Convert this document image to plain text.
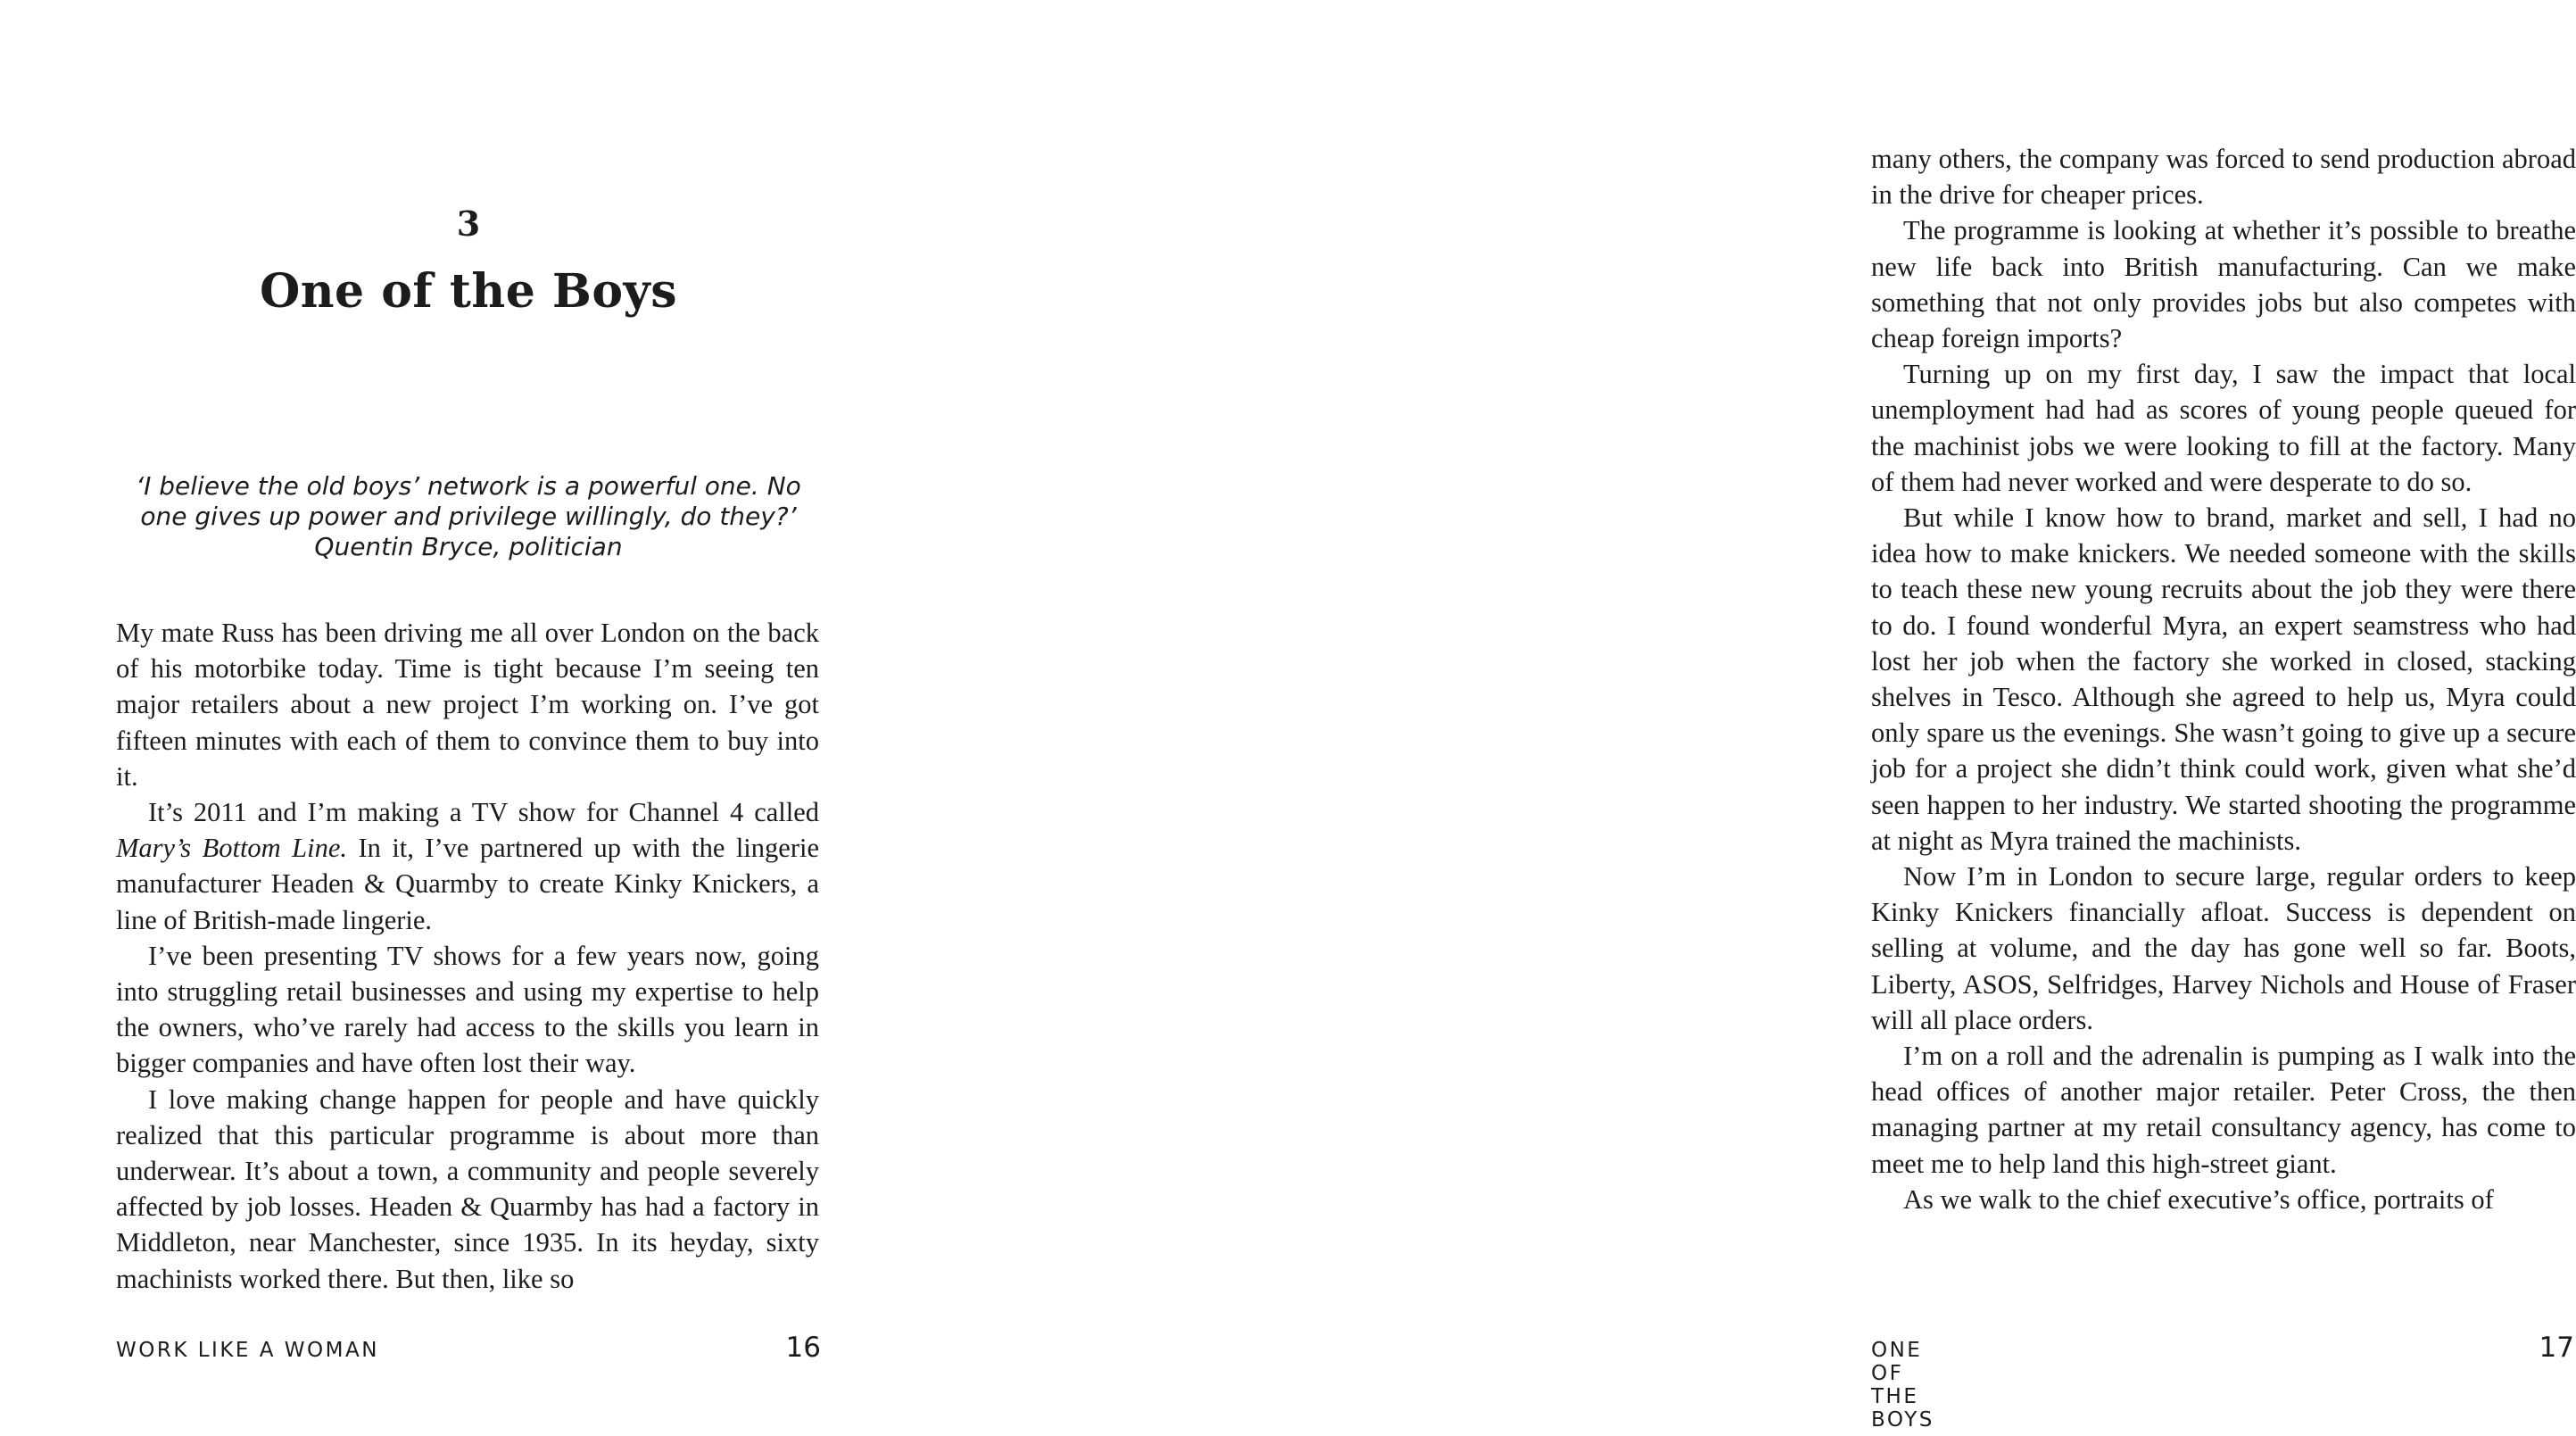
3
One of the Boys
‘I believe the old boys’ network is a powerful one. No
one gives up power and privilege willingly, do they?’
Quentin Bryce, politician

My mate Russ has been driving me all over London on the back of his motorbike today. Time is tight because I’m seeing ten major retailers about a new project I’m working on. I’ve got fifteen minutes with each of them to convince them to buy into it.

It’s 2011 and I’m making a TV show for Channel 4 called Mary’s Bottom Line. In it, I’ve partnered up with the lingerie manufacturer Headen & Quarmby to create Kinky Knickers, a line of British-made lingerie.

I’ve been presenting TV shows for a few years now, going into struggling retail businesses and using my expertise to help the owners, who’ve rarely had access to the skills you learn in bigger companies and have often lost their way.

I love making change happen for people and have quickly realized that this particular programme is about more than underwear. It’s about a town, a community and people severely affected by job losses. Headen & Quarmby has had a factory in Middleton, near Manchester, since 1935. In its heyday, sixty machinists worked there. But then, like so

WORK LIKE A WOMAN	16

many others, the company was forced to send production abroad in the drive for cheaper prices.

The programme is looking at whether it’s possible to breathe new life back into British manufacturing. Can we make something that not only provides jobs but also competes with cheap foreign imports?

Turning up on my first day, I saw the impact that local unemployment had had as scores of young people queued for the machinist jobs we were looking to fill at the factory. Many of them had never worked and were desperate to do so.

But while I know how to brand, market and sell, I had no idea how to make knickers. We needed someone with the skills to teach these new young recruits about the job they were there to do. I found wonderful Myra, an expert seamstress who had lost her job when the factory she worked in closed, stacking shelves in Tesco. Although she agreed to help us, Myra could only spare us the evenings. She wasn’t going to give up a secure job for a project she didn’t think could work, given what she’d seen happen to her industry. We started shooting the programme at night as Myra trained the machinists.

Now I’m in London to secure large, regular orders to keep Kinky Knickers financially afloat. Success is dependent on selling at volume, and the day has gone well so far. Boots, Liberty, ASOS, Selfridges, Harvey Nichols and House of Fraser will all place orders.

I’m on a roll and the adrenalin is pumping as I walk into the head offices of another major retailer. Peter Cross, the then managing partner at my retail consultancy agency, has come to meet me to help land this high-street giant.

As we walk to the chief executive’s office, portraits of

ONE OF THE BOYS
17
